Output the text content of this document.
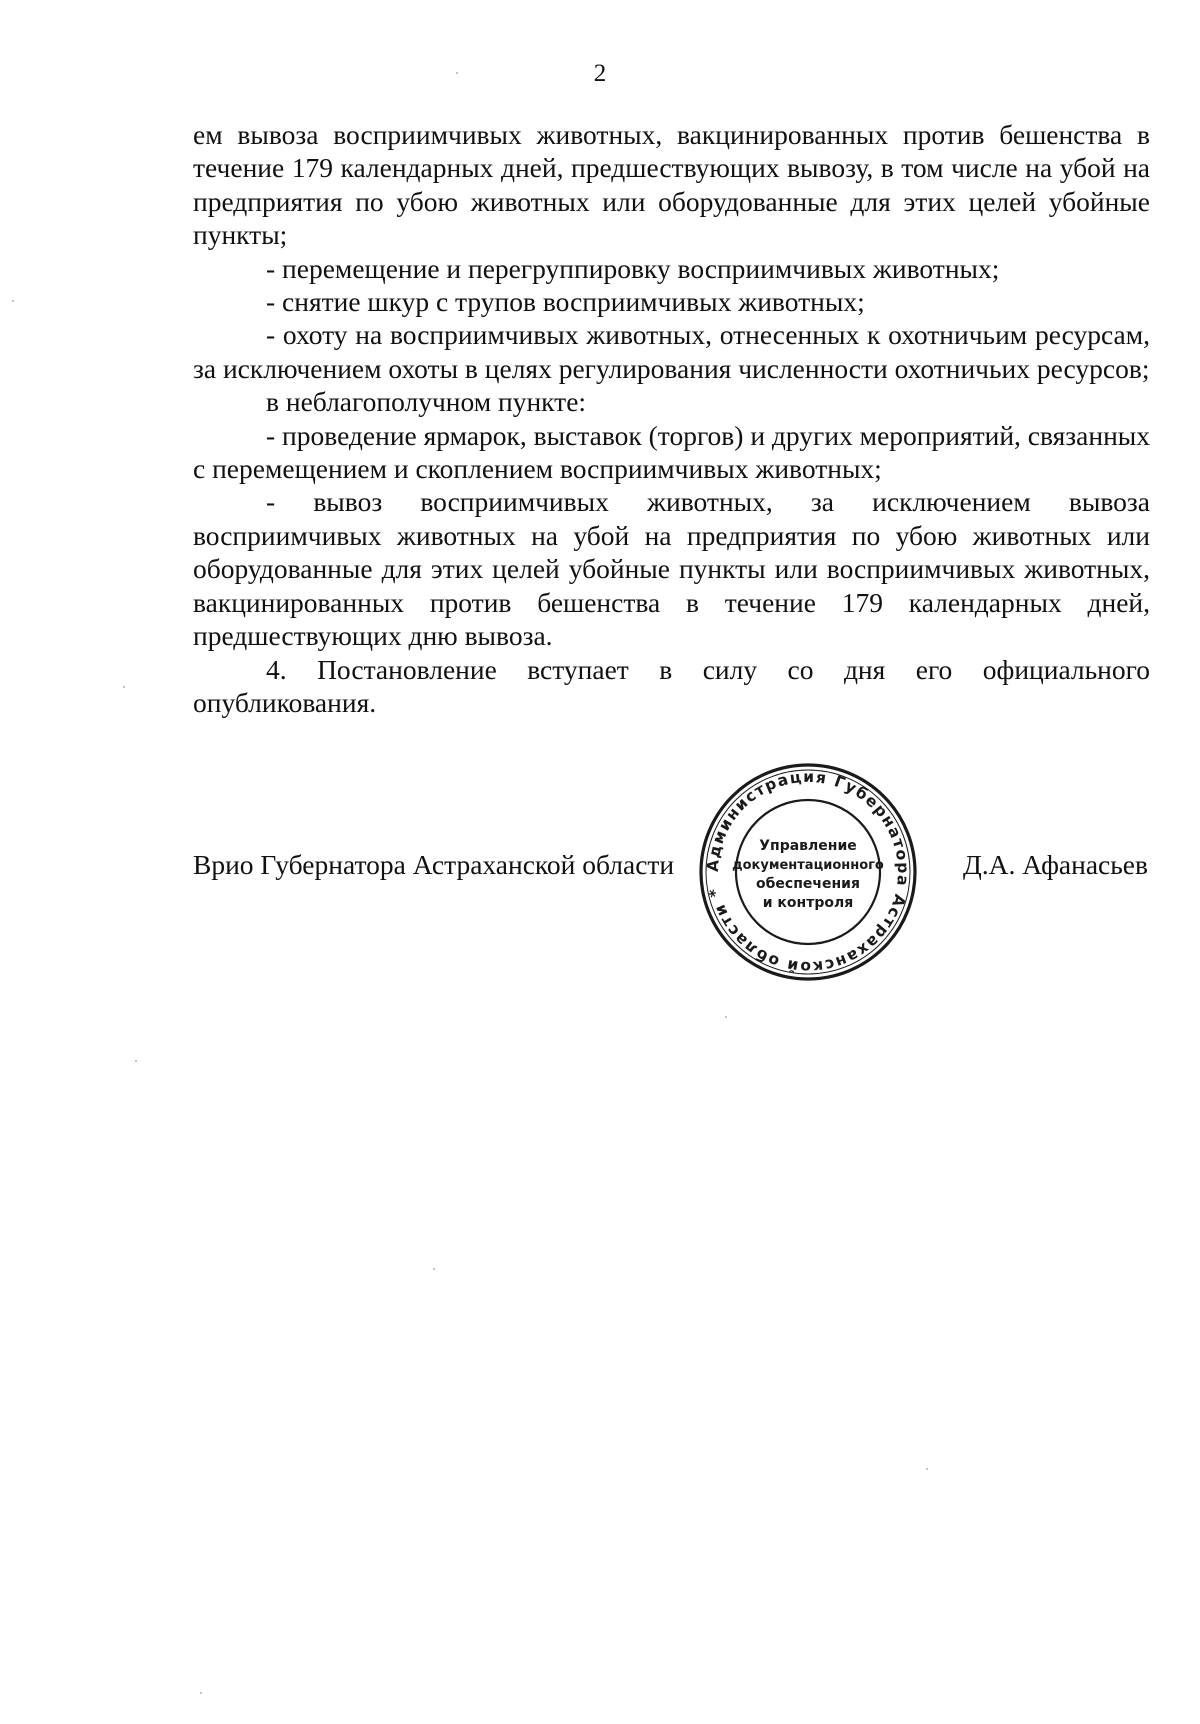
2

ем вывоза восприимчивых животных, вакцинированных против бешенства в течение 179 календарных дней, предшествующих вывозу, в том числе на убой на предприятия по убою животных или оборудованные для этих целей убойные пункты;

- перемещение и перегруппировку восприимчивых животных;

- снятие шкур с трупов восприимчивых животных;

- охоту на восприимчивых животных, отнесенных к охотничьим ресурсам, за исключением охоты в целях регулирования численности охотничьих ресурсов;

в неблагополучном пункте:

- проведение ярмарок, выставок (торгов) и других мероприятий, связанных с перемещением и скоплением восприимчивых животных;

- вывоз восприимчивых животных, за исключением вывоза восприимчивых животных на убой на предприятия по убою животных или оборудованные для этих целей убойные пункты или восприимчивых животных, вакцинированных против бешенства в течение 179 календарных дней, предшествующих дню вывоза.

4. Постановление вступает в силу со дня его официального опубликования.

Врио Губернатора Астраханской области	Д.А. Афанасьев
Администрация Губернатора Астраханской области *
Управление
документационного
обеспечения
и контроля
